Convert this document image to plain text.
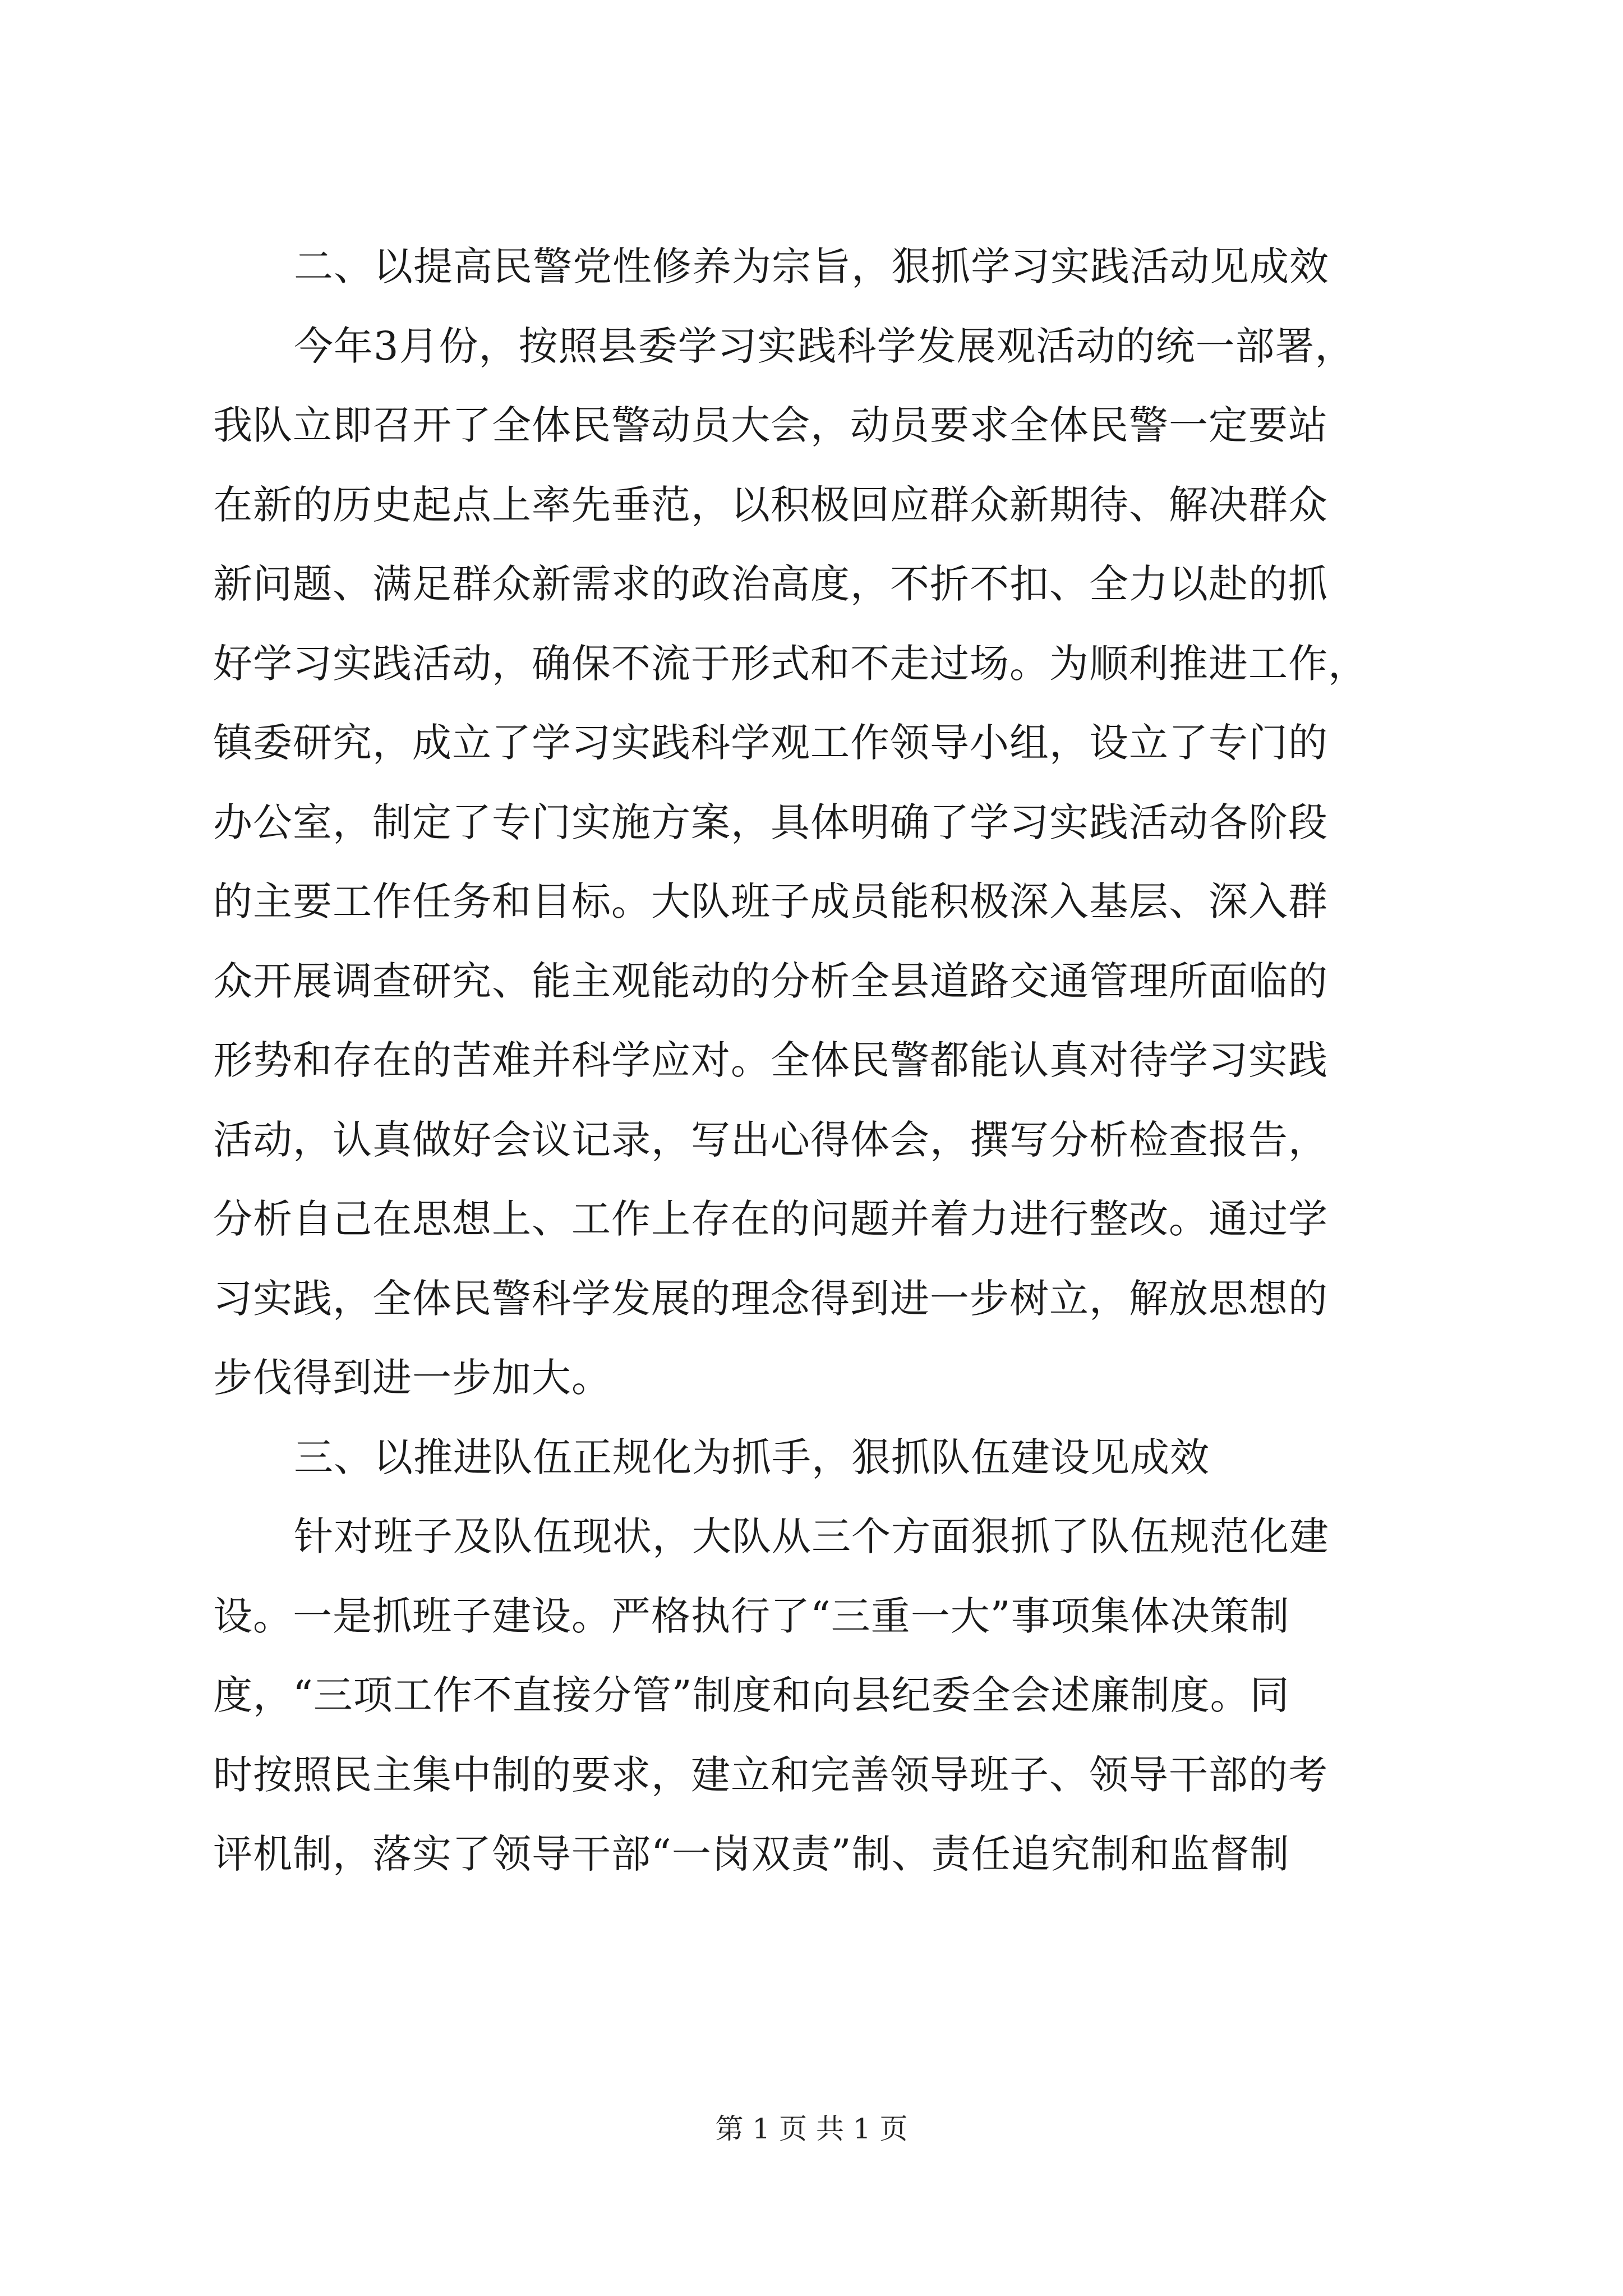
二、以提高民警党性修养为宗旨，狠抓学习实践活动见成效
今年3月份，按照县委学习实践科学发展观活动的统一部署，
我队立即召开了全体民警动员大会，动员要求全体民警一定要站
在新的历史起点上率先垂范，以积极回应群众新期待、解决群众
新问题、满足群众新需求的政治高度，不折不扣、全力以赴的抓
好学习实践活动，确保不流于形式和不走过场。为顺利推进工作，
镇委研究，成立了学习实践科学观工作领导小组，设立了专门的
办公室，制定了专门实施方案，具体明确了学习实践活动各阶段
的主要工作任务和目标。大队班子成员能积极深入基层、深入群
众开展调查研究、能主观能动的分析全县道路交通管理所面临的
形势和存在的苦难并科学应对。全体民警都能认真对待学习实践
活动，认真做好会议记录，写出心得体会，撰写分析检查报告，
分析自己在思想上、工作上存在的问题并着力进行整改。通过学
习实践，全体民警科学发展的理念得到进一步树立，解放思想的
步伐得到进一步加大。
三、以推进队伍正规化为抓手，狠抓队伍建设见成效
针对班子及队伍现状，大队从三个方面狠抓了队伍规范化建
设。一是抓班子建设。严格执行了“三重一大”事项集体决策制
度，“三项工作不直接分管”制度和向县纪委全会述廉制度。同
时按照民主集中制的要求，建立和完善领导班子、领导干部的考
评机制，落实了领导干部“一岗双责”制、责任追究制和监督制
第 1 页 共 1 页
